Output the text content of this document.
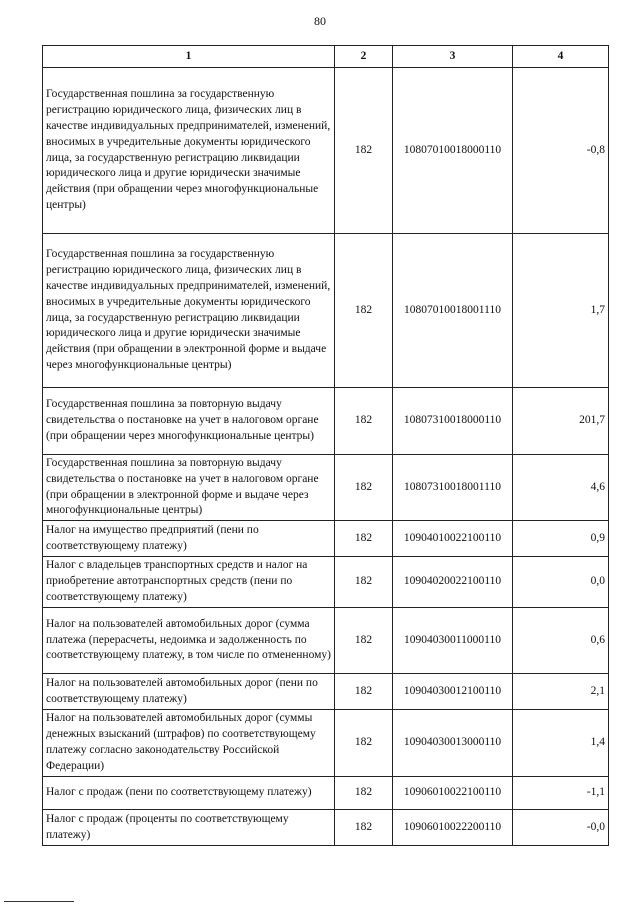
80
1	2	3	4
Государственная пошлина за государственную регистрацию юридического лица, физических лиц в качестве индивидуальных предпринимателей, изменений, вносимых в учредительные документы юридического лица, за государственную регистрацию ликвидации юридического лица и другие юридически значимые действия (при обращении через многофункциональные центры)	182	10807010018000110	-0,8
Государственная пошлина за государственную регистрацию юридического лица, физических лиц в качестве индивидуальных предпринимателей, изменений, вносимых в учредительные документы юридического лица, за государственную регистрацию ликвидации юридического лица и другие юридически значимые действия (при обращении в электронной форме и выдаче через многофункциональные центры)	182	10807010018001110	1,7
Государственная пошлина за повторную выдачу свидетельства о постановке на учет в налоговом органе (при обращении через многофункциональные центры)	182	10807310018000110	201,7
Государственная пошлина за повторную выдачу свидетельства о постановке на учет в налоговом органе (при обращении в электронной форме и выдаче через многофункциональные центры)	182	10807310018001110	4,6
Налог на имущество предприятий (пени по соответствующему платежу)	182	10904010022100110	0,9
Налог с владельцев транспортных средств и налог на приобретение автотранспортных средств (пени по соответствующему платежу)	182	10904020022100110	0,0
Налог на пользователей автомобильных дорог (сумма платежа (перерасчеты, недоимка и задолженность по соответствующему платежу, в том числе по отмененному)	182	10904030011000110	0,6
Налог на пользователей автомобильных дорог (пени по соответствующему платежу)	182	10904030012100110	2,1
Налог на пользователей автомобильных дорог (суммы денежных взысканий (штрафов) по соответствующему платежу согласно законодательству Российской Федерации)	182	10904030013000110	1,4
Налог с продаж (пени по соответствующему платежу)	182	10906010022100110	-1,1
Налог с продаж (проценты по соответствующему платежу)	182	10906010022200110	-0,0
